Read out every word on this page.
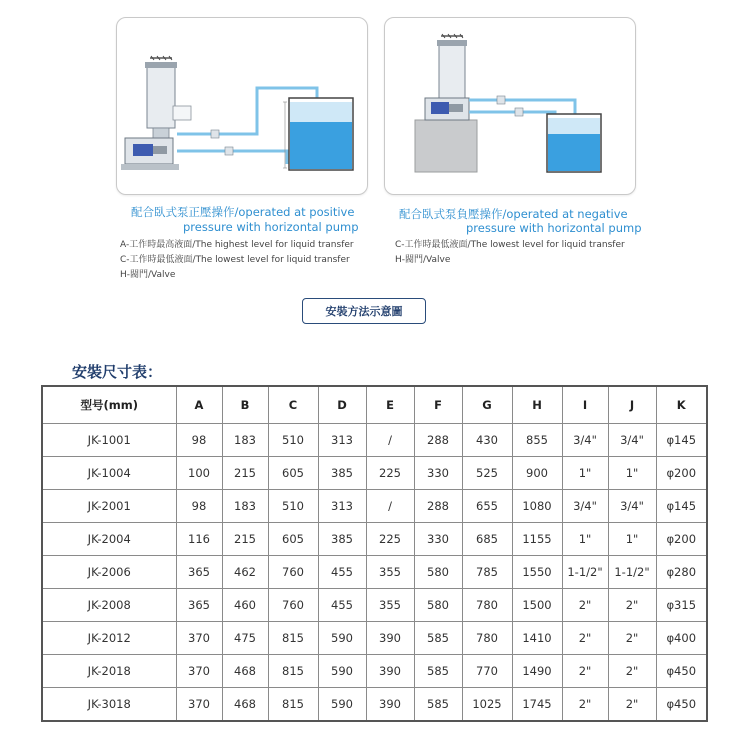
配合臥式泵正壓操作/operated at positive
pressure with horizontal pump
A-工作時最高液面/The highest level for liquid transfer
C-工作時最低液面/The lowest level for liquid transfer
H-閥門/Valve
配合臥式泵負壓操作/operated at negative
pressure with horizontal pump
C-工作時最低液面/The lowest level for liquid transfer
H-閥門/Valve
安裝方法示意圖
安裝尺寸表：
型号(mm)	A	B	C	D	E	F	G	H	I	J	K
JK-1001	98	183	510	313	/	288	430	855	3/4"	3/4"	φ145
JK-1004	100	215	605	385	225	330	525	900	1"	1"	φ200
JK-2001	98	183	510	313	/	288	655	1080	3/4"	3/4"	φ145
JK-2004	116	215	605	385	225	330	685	1155	1"	1"	φ200
JK-2006	365	462	760	455	355	580	785	1550	1-1/2"	1-1/2"	φ280
JK-2008	365	460	760	455	355	580	780	1500	2"	2"	φ315
JK-2012	370	475	815	590	390	585	780	1410	2"	2"	φ400
JK-2018	370	468	815	590	390	585	770	1490	2"	2"	φ450
JK-3018	370	468	815	590	390	585	1025	1745	2"	2"	φ450
